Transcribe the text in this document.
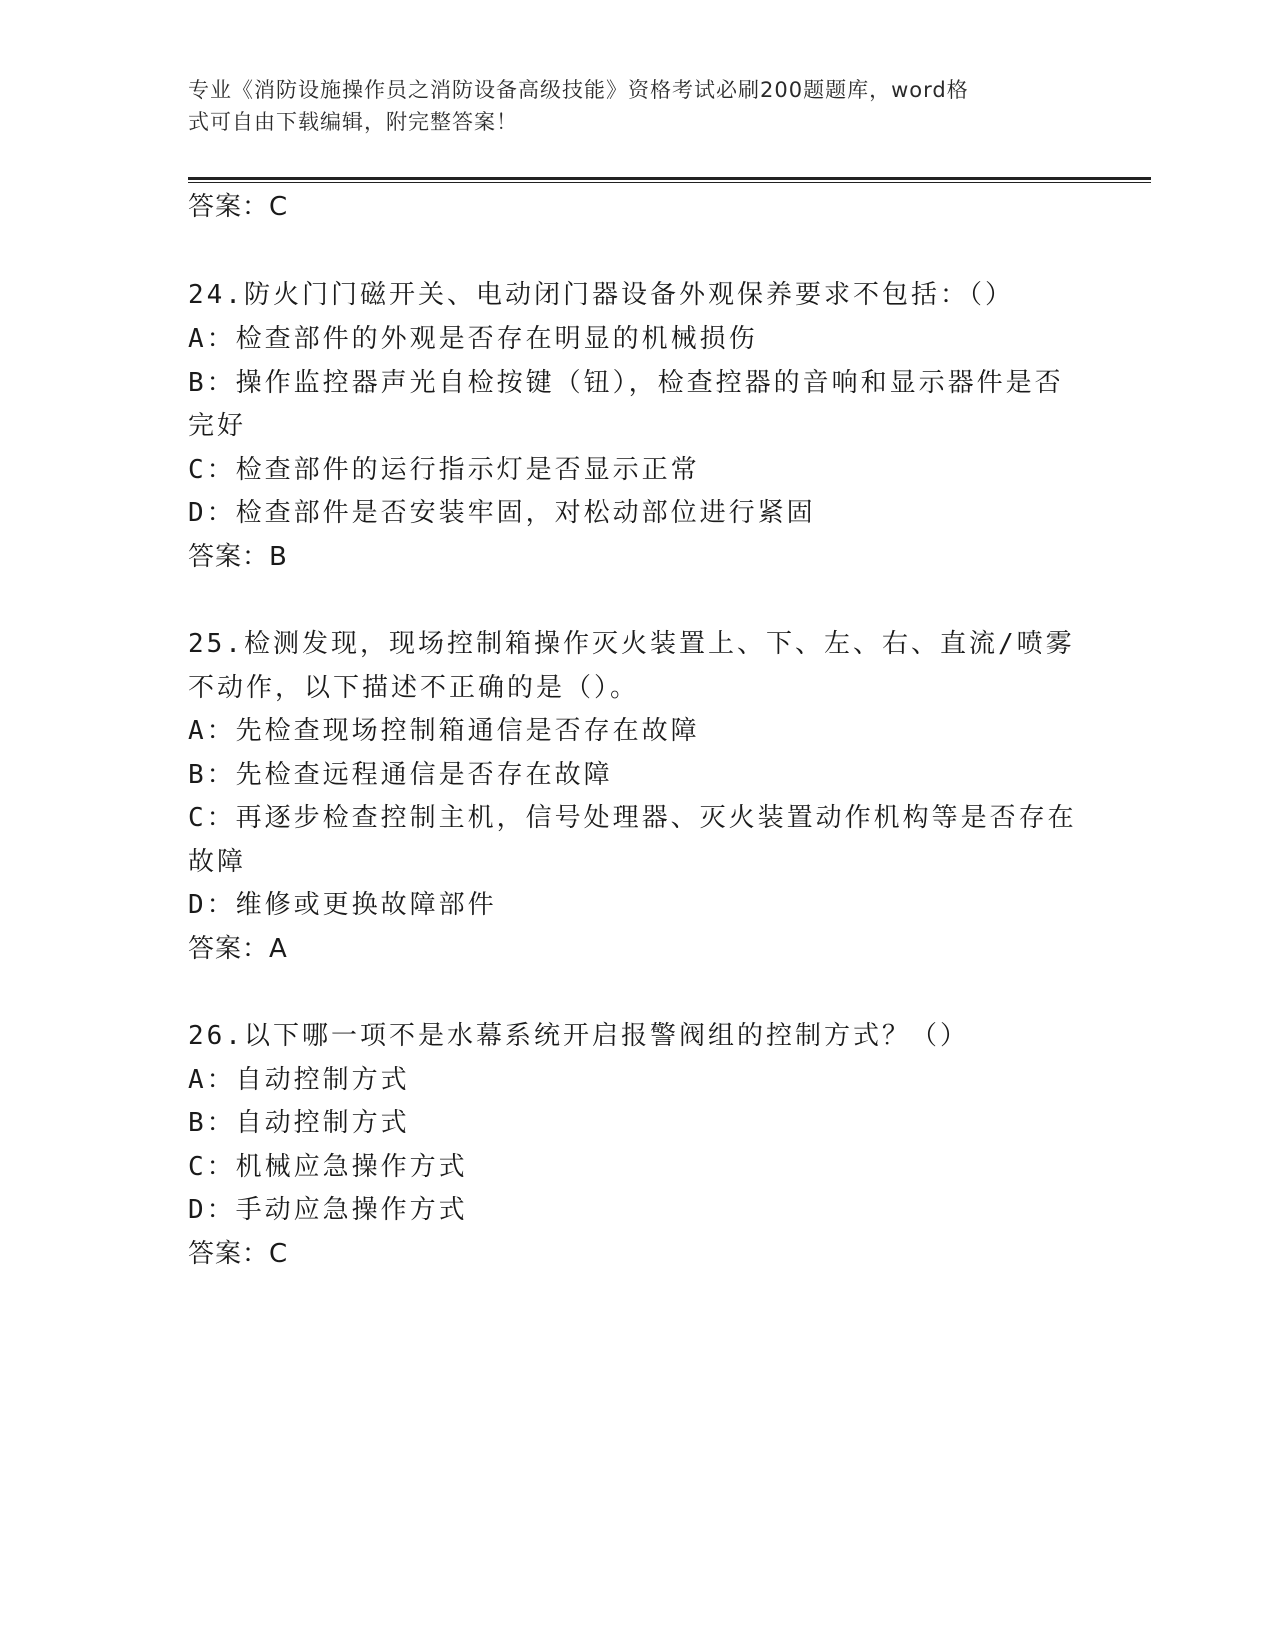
专业《消防设施操作员之消防设备高级技能》资格考试必刷200题题库，word格
式可自由下载编辑，附完整答案！
答案：C
24.防火门门磁开关、电动闭门器设备外观保养要求不包括：（）
A：检查部件的外观是否存在明显的机械损伤
B：操作监控器声光自检按键（钮），检查控器的音响和显示器件是否
完好
C：检查部件的运行指示灯是否显示正常
D：检查部件是否安装牢固，对松动部位进行紧固
答案：B
25.检测发现，现场控制箱操作灭火装置上、下、左、右、直流/喷雾
不动作，以下描述不正确的是（）。
A：先检查现场控制箱通信是否存在故障
B：先检查远程通信是否存在故障
C：再逐步检查控制主机，信号处理器、灭火装置动作机构等是否存在
故障
D：维修或更换故障部件
答案：A
26.以下哪一项不是水幕系统开启报警阀组的控制方式？（）
A：自动控制方式
B：自动控制方式
C：机械应急操作方式
D：手动应急操作方式
答案：C
